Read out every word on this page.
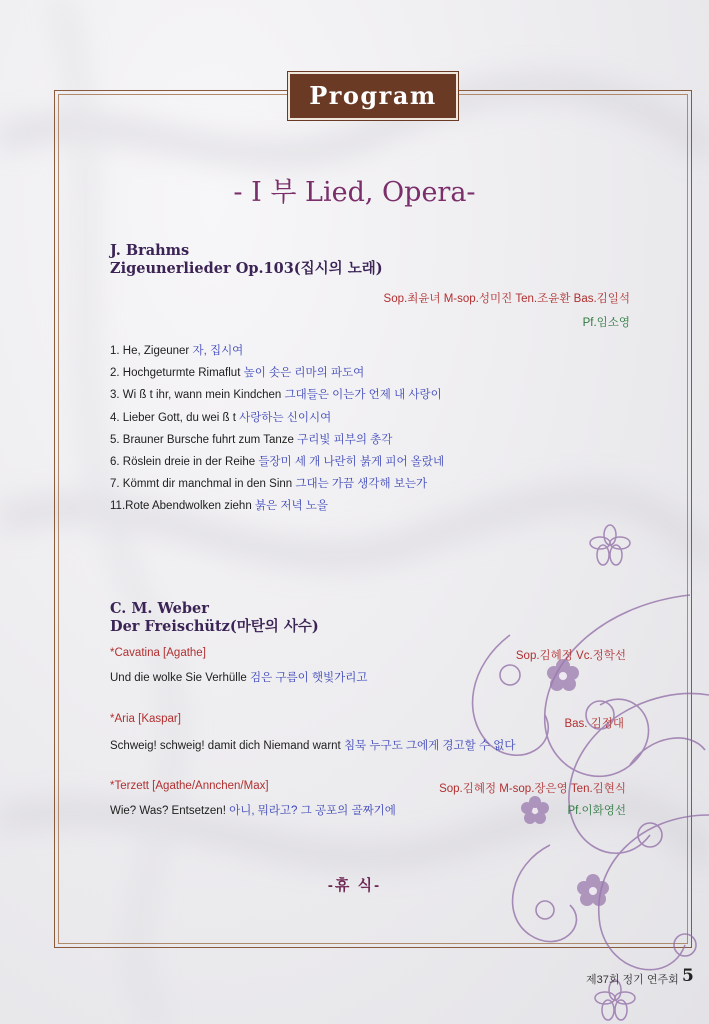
Program
- I 부 Lied, Opera-
J. Brahms
Zigeunerlieder Op.103(집시의 노래)
Sop.최윤녀 M-sop.성미진 Ten.조윤환 Bas.김일석
Pf.임소영
1. He, Zigeuner 자, 집시여
2. Hochgeturmte Rimaflut 높이 솟은 리마의 파도여
3. Wi ß t ihr, wann mein Kindchen 그대들은 이는가 언제 내 사랑이
4. Lieber Gott, du wei ß t 사랑하는 신이시여
5. Brauner Bursche fuhrt zum Tanze 구리빛 피부의 총각
6. Röslein dreie in der Reihe 들장미 세 개 나란히 붉게 피어 올랐네
7. Kömmt dir manchmal in den Sinn 그대는 가끔 생각해 보는가
11.Rote Abendwolken ziehn 붉은 저녁 노을
C. M. Weber
Der Freischütz(마탄의 사수)
*Cavatina [Agathe]	Sop.김혜정 Vc.정학선
Und die wolke Sie Verhülle 검은 구름이 햇빛가리고
*Aria [Kaspar]	Bas. 김정대
Schweig! schweig! damit dich Niemand warnt 침묵 누구도 그에게 경고할 수 없다
*Terzett [Agathe/Annchen/Max]	Sop.김혜정 M-sop.장은영 Ten.김현식
Wie? Was? Entsetzen! 아니, 뭐라고? 그 공포의 골짜기에	Pf.이화영선
-휴 식-
제37회 정기 연주회 5
